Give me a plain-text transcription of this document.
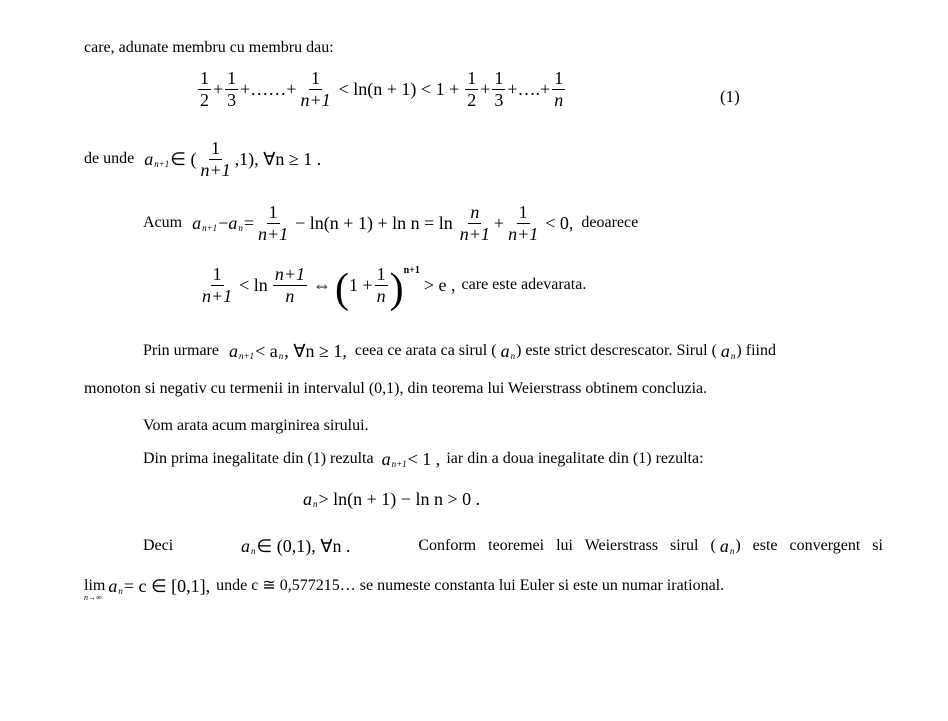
care, adunate membru cu membru dau:
$\frac{1}{2} + \frac{1}{3}$ +……+ $\frac{1}{n+1} < \ln(n + 1) < 1 + \frac{1}{2} + \frac{1}{3}$ +….+ $\frac{1}{n}$	(1)
de unde a n+1 ∈ ( $\frac{1}{n+1} ,1$), ∀n ≥ 1 .
Acum a n+1 − a $n = \frac{1}{n+1} - \ln(n + 1) + \ln n = \ln \frac{n}{n+1} + \frac{1}{n+1} < 0$, deoarece
$\frac{1}{n+1} < \ln \frac{n+1}{n}$ ⇔ ( $1 + \frac{1}{n}$ ) n+1
> e , care este adevarata.
Prin urmare a n+1 < a n , ∀n ≥ 1, ceea ce arata ca sirul ( a n ) este strict descrescator. Sirul ( a n ) fiind
monoton si negativ cu termenii in intervalul (0,1), din teorema lui Weierstrass obtinem concluzia.
Vom arata acum marginirea sirului.
Din prima inegalitate din (1) rezulta a n+1 < 1 , iar din a doua inegalitate din (1) rezulta:
a n > ln(n + 1) − ln n > 0 .
Deci	a n ∈ (0,1), ∀n .	Conform teoremei lui Weierstrass sirul ( a n ) este convergent si
lim
n→∞
a n = c ∈ [0,1], unde c ≅ 0,577215… se numeste constanta lui Euler si este un numar irational.
